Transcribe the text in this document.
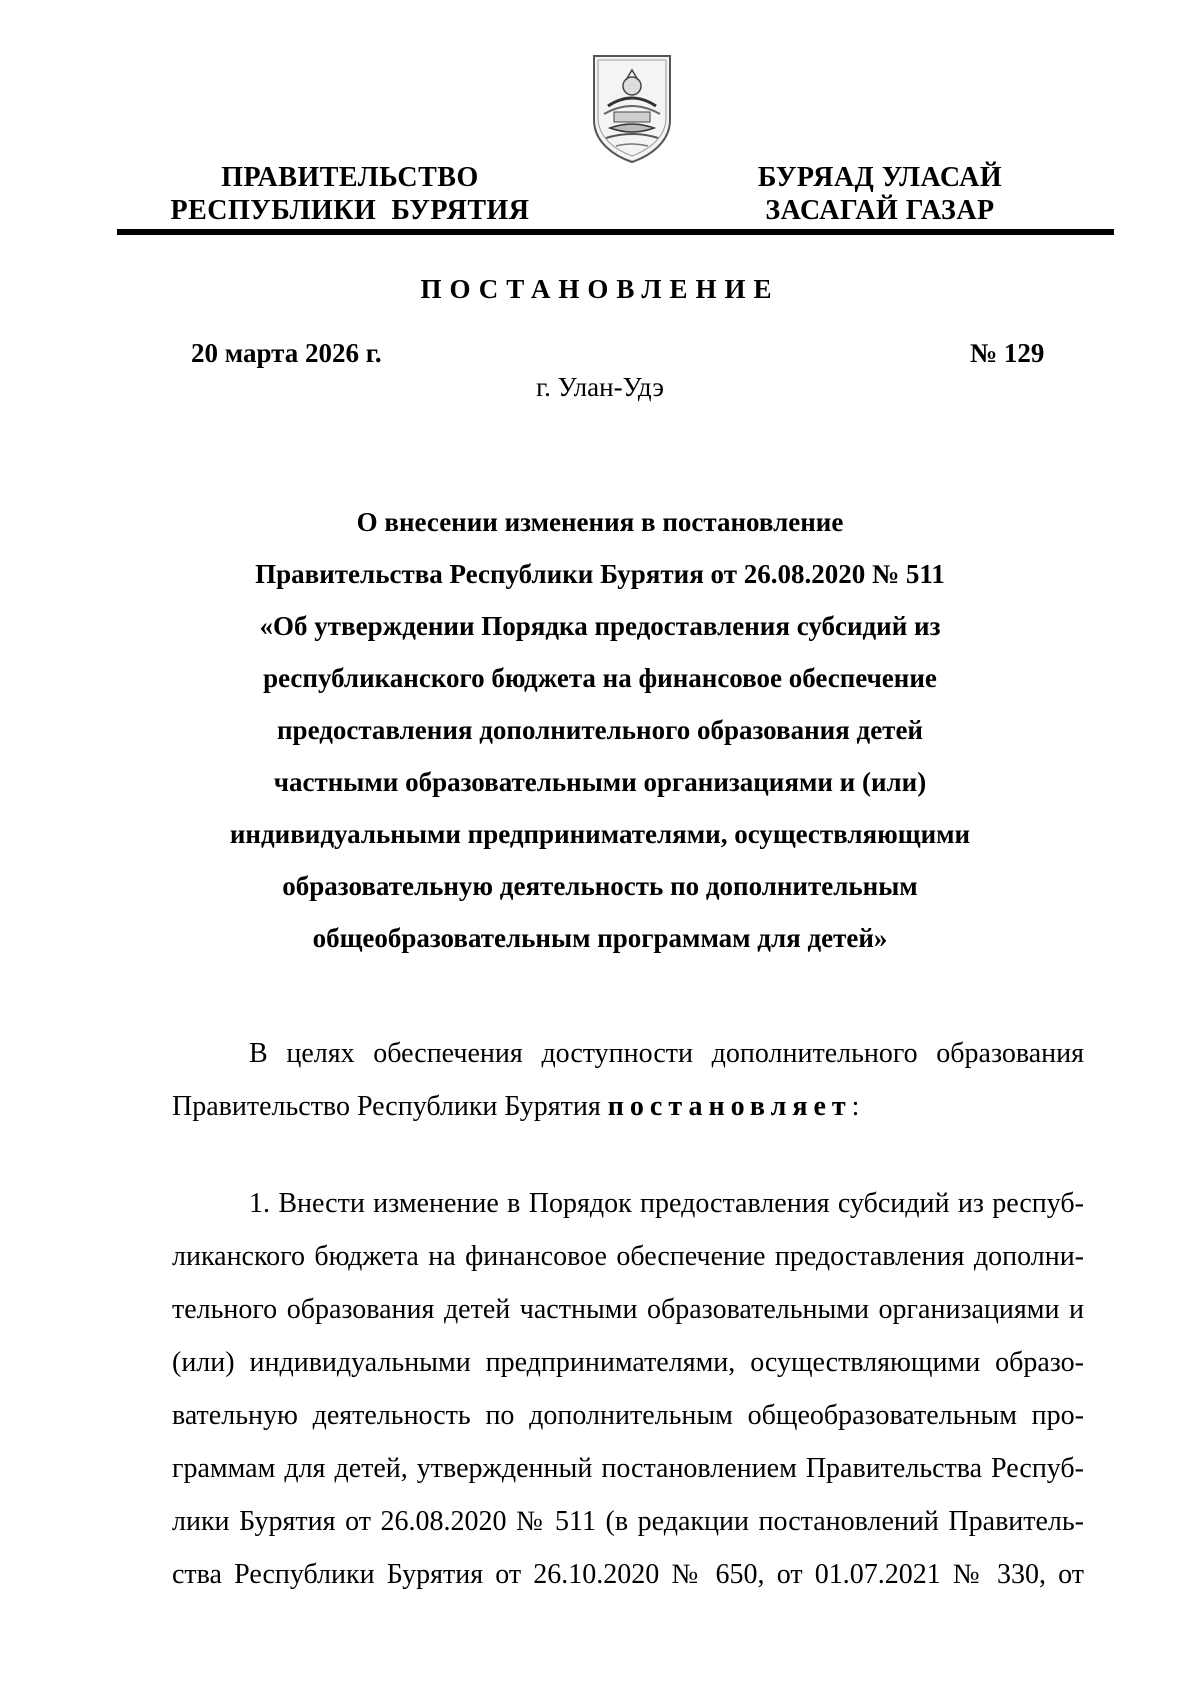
ПРАВИТЕЛЬСТВО
РЕСПУБЛИКИ  БУРЯТИЯ
БУРЯАД УЛАСАЙ
ЗАСАГАЙ ГАЗАР
ПОСТАНОВЛЕНИЕ
20 марта 2026 г.	№ 129
г. Улан-Удэ
О внесении изменения в постановление
Правительства Республики Бурятия от 26.08.2020 № 511
«Об утверждении Порядка предоставления субсидий из
республиканского бюджета на финансовое обеспечение
предоставления дополнительного образования детей
частными образовательными организациями и (или)
индивидуальными предпринимателями, осуществляющими
образовательную деятельность по дополнительным
общеобразовательным программам для детей»
В целях обеспечения доступности дополнительного образования
Правительство Республики Бурятия постановляет:
1. Внести изменение в Порядок предоставления субсидий из респуб-
ликанского бюджета на финансовое обеспечение предоставления дополни-
тельного образования детей частными образовательными организациями и
(или) индивидуальными предпринимателями, осуществляющими образо-
вательную деятельность по дополнительным общеобразовательным про-
граммам для детей, утвержденный постановлением Правительства Респуб-
лики Бурятия от 26.08.2020 № 511 (в редакции постановлений Правитель-
ства Республики Бурятия от 26.10.2020 № 650, от 01.07.2021 № 330, от
